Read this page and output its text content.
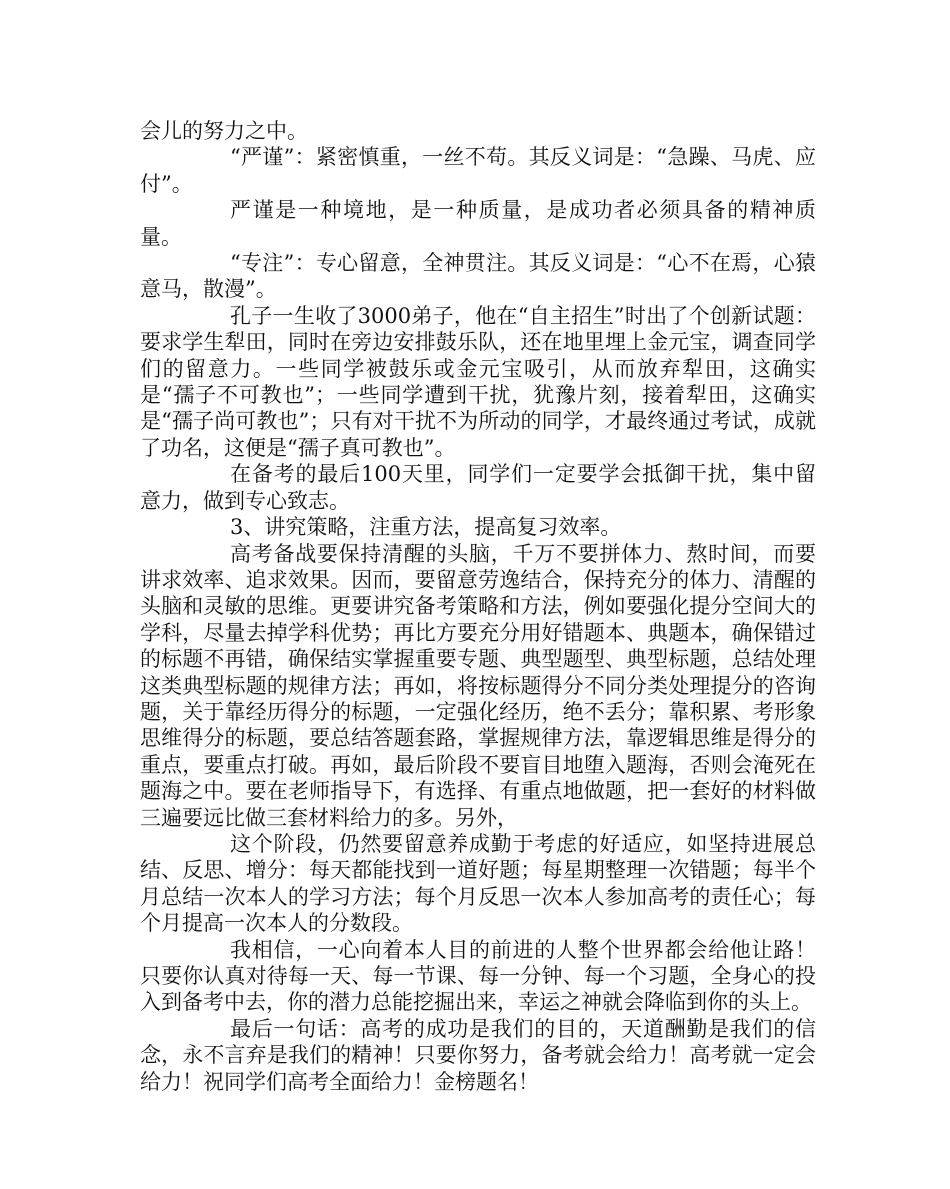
会儿的努力之中。

“严谨”：紧密慎重，一丝不苟。其反义词是：“急躁、马虎、应付”。

严谨是一种境地，是一种质量，是成功者必须具备的精神质量。

“专注”：专心留意，全神贯注。其反义词是：“心不在焉，心猿意马，散漫”。

孔子一生收了3000弟子，他在“自主招生”时出了个创新试题：要求学生犁田，同时在旁边安排鼓乐队，还在地里埋上金元宝，调查同学们的留意力。一些同学被鼓乐或金元宝吸引，从而放弃犁田，这确实是“孺子不可教也”；一些同学遭到干扰，犹豫片刻，接着犁田，这确实是“孺子尚可教也”；只有对干扰不为所动的同学，才最终通过考试，成就了功名，这便是“孺子真可教也”。

在备考的最后100天里，同学们一定要学会抵御干扰，集中留意力，做到专心致志。

3、讲究策略，注重方法，提高复习效率。

高考备战要保持清醒的头脑，千万不要拼体力、熬时间，而要讲求效率、追求效果。因而，要留意劳逸结合，保持充分的体力、清醒的头脑和灵敏的思维。更要讲究备考策略和方法，例如要强化提分空间大的学科，尽量去掉学科优势；再比方要充分用好错题本、典题本，确保错过的标题不再错，确保结实掌握重要专题、典型题型、典型标题，总结处理这类典型标题的规律方法；再如，将按标题得分不同分类处理提分的咨询题，关于靠经历得分的标题，一定强化经历，绝不丢分；靠积累、考形象思维得分的标题，要总结答题套路，掌握规律方法，靠逻辑思维是得分的重点，要重点打破。再如，最后阶段不要盲目地堕入题海，否则会淹死在题海之中。要在老师指导下，有选择、有重点地做题，把一套好的材料做三遍要远比做三套材料给力的多。另外，

这个阶段，仍然要留意养成勤于考虑的好适应，如坚持进展总结、反思、增分：每天都能找到一道好题；每星期整理一次错题；每半个月总结一次本人的学习方法；每个月反思一次本人参加高考的责任心；每个月提高一次本人的分数段。

我相信，一心向着本人目的前进的人整个世界都会给他让路！只要你认真对待每一天、每一节课、每一分钟、每一个习题，全身心的投入到备考中去，你的潜力总能挖掘出来，幸运之神就会降临到你的头上。

最后一句话：高考的成功是我们的目的，天道酬勤是我们的信念，永不言弃是我们的精神！只要你努力，备考就会给力！高考就一定会给力！祝同学们高考全面给力！金榜题名！
